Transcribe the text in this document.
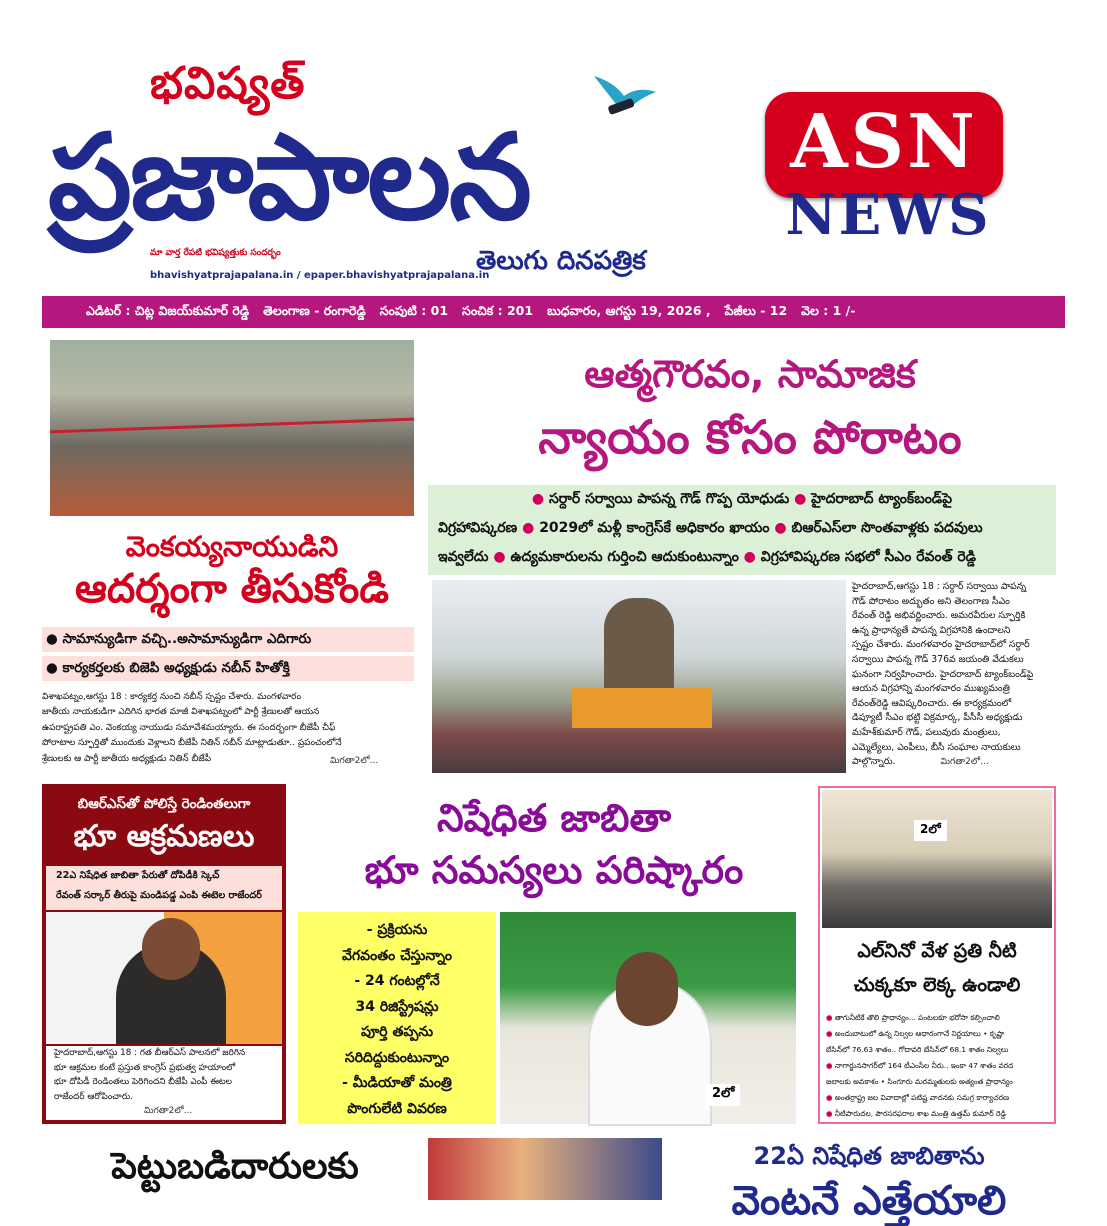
భవిష్యత్
ప్రజాపాలన
మా వార్త రేపటి భవిష్యత్తుకు సందర్భం
bhavishyatprajapalana.in / epaper.bhavishyatprajapalana.in
తెలుగు దినపత్రిక
ASN
NEWS
ఎడిటర్ : చిట్ల విజయ్‌కుమార్ రెడ్డి తెలంగాణ - రంగారెడ్డి సంపుటి : 01 సంచిక : 201 బుధవారం, ఆగస్టు 19, 2026 , పేజీలు - 12 వెల : 1 /-
ఆత్మగౌరవం, సామాజిక
న్యాయం కోసం పోరాటం
● సర్దార్ సర్వాయి పాపన్న గౌడ్ గొప్ప యోధుడు ● హైదరాబాద్ ట్యాంక్‌బండ్‌పై
విగ్రహావిష్కరణ ● 2029లో మళ్లీ కాంగ్రెస్‌కే అధికారం ఖాయం ● బిఆర్ఎస్‌లా సొంతవాళ్లకు పదవులు
ఇవ్వలేదు ● ఉద్యమకారులను గుర్తించి ఆదుకుంటున్నాం ● విగ్రహావిష్కరణ సభలో సీఎం రేవంత్ రెడ్డి
హైదరాబాద్,ఆగస్టు 18 : సర్దార్ సర్వాయి పాపన్న
గౌడ్ పోరాటం అద్భుతం అని తెలంగాణ సీఎం
రేవంత్ రెడ్డి అభివర్ణించారు. అమరవీరుల స్ఫూర్తికి
ఉన్న ప్రాధాన్యతే పాపన్న విగ్రహానికి ఉందాలని
స్పష్టం చేశారు. మంగళవారం హైదరాబాద్‌లో సర్దార్
సర్వాయి పాపన్న గౌడ్ 376వ జయంతి వేడుకలు
ఘనంగా నిర్వహించారు. హైదరాబాద్ ట్యాంక్‌బండ్‌పై
ఆయన విగ్రహాన్ని మంగళవారం ముఖ్యమంత్రి
రేవంత్‌రెడ్డి ఆవిష్కరించారు. ఈ కార్యక్రమంలో
డిప్యూటీ సీఎం భట్టి విక్రమార్క, పీసీసీ అధ్యక్షుడు
మహేశ్‌కుమార్ గౌడ్, పలువురు మంత్రులు,
ఎమ్మెల్యేలు, ఎంపీలు, బీసీ సంఘాల నాయకులు
పాల్గొన్నారు.	మిగతా2లో...
వెంకయ్యనాయుడిని
ఆదర్శంగా తీసుకోండి
● సామాన్యుడిగా వచ్చి..అసామాన్యుడిగా ఎదిగారు
● కార్యకర్తలకు బిజెపి అధ్యక్షుడు నబీన్ హితోక్తి
విశాఖపట్నం,ఆగస్టు 18 : కార్యకర్త నుంచి నబీన్ స్పష్టం చేశారు. మంగళవారం
జాతీయ నాయకుడిగా ఎదిగిన భారత మాజీ విశాఖపట్నంలో పార్టీ శ్రేణులతో ఆయన
ఉపరాష్ట్రపతి ఎం. వెంకయ్య నాయుడు సమావేశమయ్యారు. ఈ సందర్భంగా బీజేపీ చీఫ్
పోరాటాల స్ఫూర్తితో ముందుకు వెళ్లాలని బీజేపీ నితిన్ నబీన్ మాట్లాడుతూ.. ప్రపంచంలోనే
శ్రేణులకు ఆ పార్టీ జాతీయ అధ్యక్షుడు నితిన్ బీజేపీ	మిగతా2లో...
బిఆర్ఎస్‌తో పోలిస్తే రెండింతలుగా
భూ ఆక్రమణలు
22ఎ నిషేధిత జాబితా పేరుతో దోపిడీకి స్కెచ్
రేవంత్ సర్కార్ తీరుపై మండిపడ్డ ఎంపి ఈటెల రాజేందర్
హైదరాబాద్,ఆగస్టు 18 : గత బీఆర్ఎస్ పాలనలో జరిగిన
భూ ఆక్రమల కంటే ప్రస్తుత కాంగ్రెస్ ప్రభుత్వ హయాంలో
భూ దోపిడీ రెండింతలు పెరిగిందని బీజేపీ ఎంపీ ఈటల
రాజేందర్ ఆరోపించారు.
మిగతా2లో...
నిషేధిత జాబితా
భూ సమస్యలు పరిష్కారం
- ప్రక్రియను
వేగవంతం చేస్తున్నాం
- 24 గంటల్లోనే
34 రిజిస్ట్రేషన్లు
పూర్తి తప్పను
సరిదిద్దుకుంటున్నాం
- మీడియాతో మంత్రి
పొంగులేటి వివరణ
2లో
2లో
ఎల్‌నినో వేళ ప్రతి నీటి
చుక్కకూ లెక్క ఉండాలి
● తాగునీటికే తొలి ప్రాధాన్యం... పంటలకూ భరోసా కల్పించాలి
● అందుబాటులో ఉన్న నిల్వల ఆధారంగానే నిర్ణయాలు • కృష్ణా
బేసిన్‌లో 76.63 శాతం.. గోదావరి బేసిన్‌లో 68.1 శాతం నిల్వలు
● నాగార్జునసాగర్‌లో 164 టీఎంసీల నీరు.. ఇంకా 47 శాతం వరద
జలాలకు అవకాశం • సింగూరు మరమ్మతులకు అత్యంత ప్రాధాన్యం
● అంతర్రాష్ట్ర జల వివాదాల్లో పటిష్ట వాదనకు సమగ్ర కార్యాచరణ
● నీటిపారుదల, పౌరసరఫరాల శాఖ మంత్రి ఉత్తమ్ కుమార్ రెడ్డి
పెట్టుబడిదారులకు	22ఏ నిషేధిత జాబితాను
వెంటనే ఎత్తేయాలి
